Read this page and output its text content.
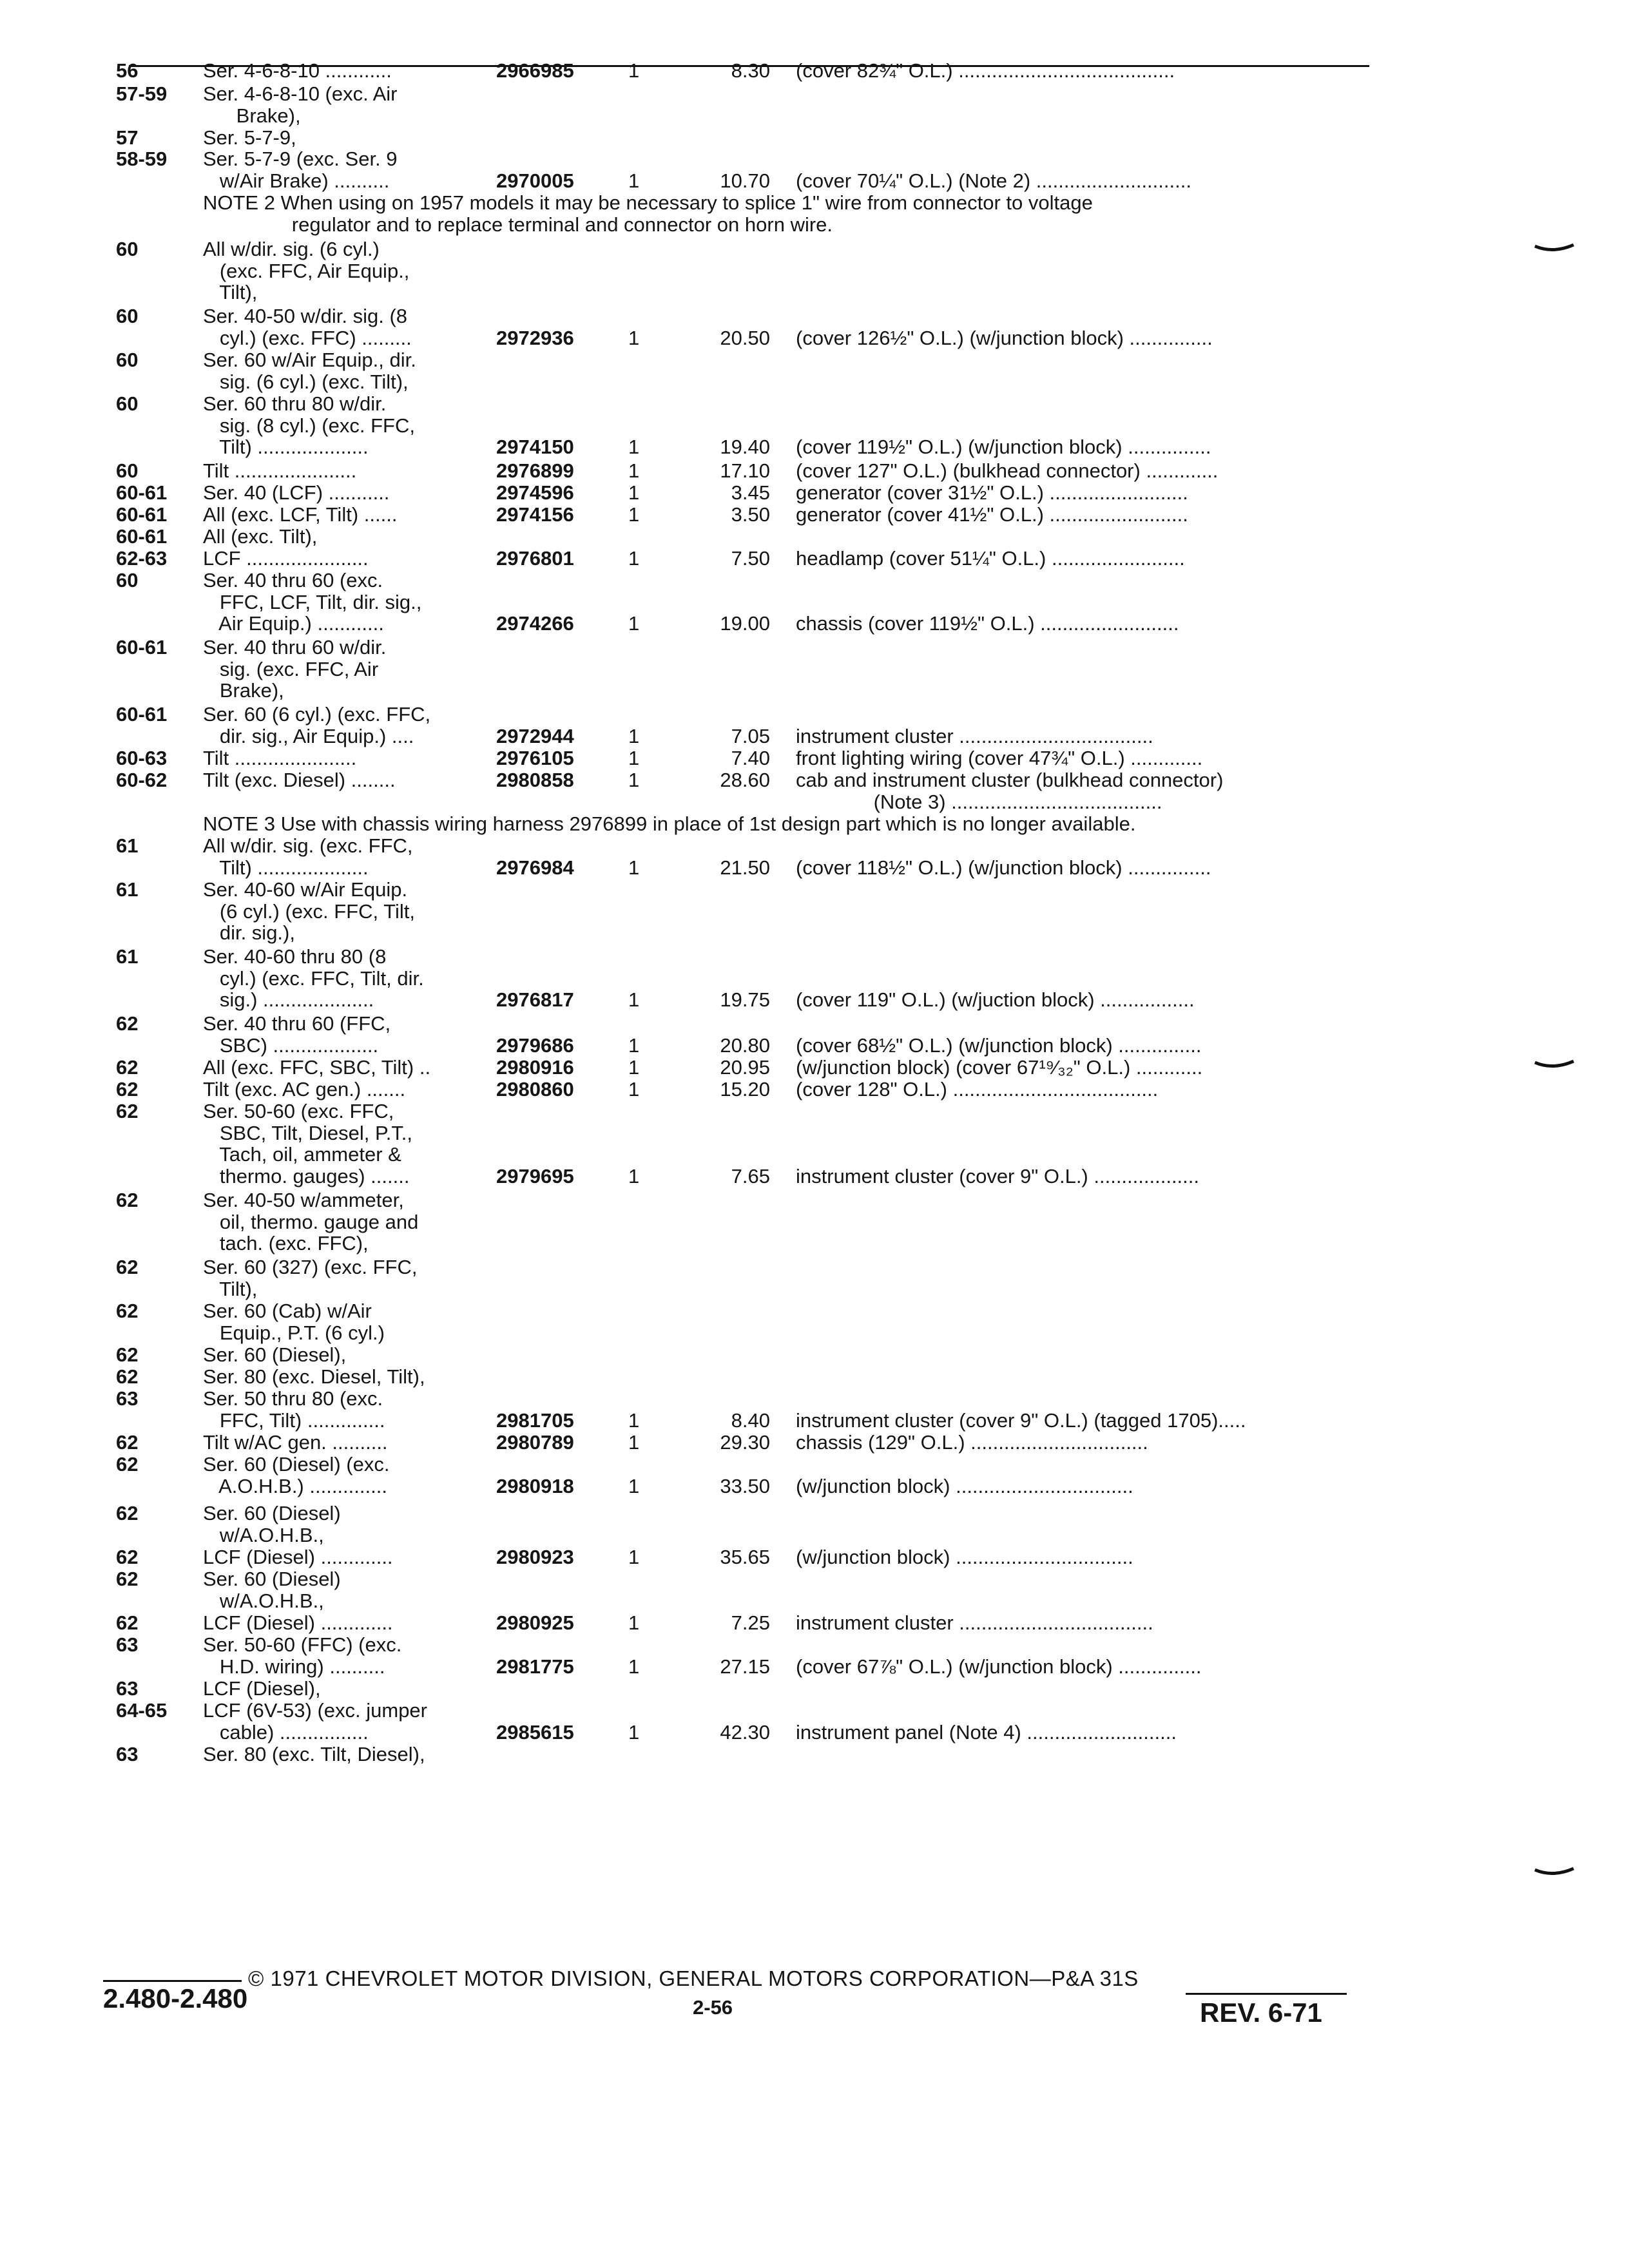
56	Ser. 4-6-8-10 ............	2966985	1	8.30 (cover 82¾" O.L.) .......................................
57-59 Ser. 4-6-8-10 (exc. Air
Brake),
57	Ser. 5-7-9,
58-59 Ser. 5-7-9 (exc. Ser. 9
w/Air Brake) ..........	2970005	1	10.70 (cover 70¼" O.L.) (Note 2) ............................
NOTE 2 When using on 1957 models it may be necessary to splice 1" wire from connector to voltage
regulator and to replace terminal and connector on horn wire.
60	All w/dir. sig. (6 cyl.)
(exc. FFC, Air Equip.,
Tilt),
60	Ser. 40-50 w/dir. sig. (8
cyl.) (exc. FFC) .........	2972936	1	20.50 (cover 126½" O.L.) (w/junction block) ...............
60	Ser. 60 w/Air Equip., dir.
sig. (6 cyl.) (exc. Tilt),
60	Ser. 60 thru 80 w/dir.
sig. (8 cyl.) (exc. FFC,
Tilt) ....................	2974150	1	19.40 (cover 119½" O.L.) (w/junction block) ...............
60	Tilt ......................	2976899	1	17.10 (cover 127" O.L.) (bulkhead connector) .............
60-61 Ser. 40 (LCF) ...........	2974596	1	3.45 generator (cover 31½" O.L.) .........................
60-61 All (exc. LCF, Tilt) ......	2974156	1	3.50 generator (cover 41½" O.L.) .........................
60-61 All (exc. Tilt),
62-63 LCF ......................	2976801	1	7.50 headlamp (cover 51¼" O.L.) ........................
60	Ser. 40 thru 60 (exc.
FFC, LCF, Tilt, dir. sig.,
Air Equip.) ............	2974266	1	19.00 chassis (cover 119½" O.L.) .........................
60-61 Ser. 40 thru 60 w/dir.
sig. (exc. FFC, Air
Brake),
60-61 Ser. 60 (6 cyl.) (exc. FFC,
dir. sig., Air Equip.) ....	2972944	1	7.05 instrument cluster ...................................
60-63 Tilt ......................	2976105	1	7.40 front lighting wiring (cover 47¾" O.L.) .............
60-62 Tilt (exc. Diesel) ........	2980858	1	28.60 cab and instrument cluster (bulkhead connector)
(Note 3) ......................................
NOTE 3 Use with chassis wiring harness 2976899 in place of 1st design part which is no longer available.
61	All w/dir. sig. (exc. FFC,
Tilt) ....................	2976984	1	21.50 (cover 118½" O.L.) (w/junction block) ...............
61	Ser. 40-60 w/Air Equip.
(6 cyl.) (exc. FFC, Tilt,
dir. sig.),
61	Ser. 40-60 thru 80 (8
cyl.) (exc. FFC, Tilt, dir.
sig.) ....................	2976817	1	19.75 (cover 119" O.L.) (w/juction block) .................
62	Ser. 40 thru 60 (FFC,
SBC) ...................	2979686	1	20.80 (cover 68½" O.L.) (w/junction block) ...............
62	All (exc. FFC, SBC, Tilt) ..	2980916	1	20.95 (w/junction block) (cover 67¹⁹⁄₃₂" O.L.) ............
62	Tilt (exc. AC gen.) .......	2980860	1	15.20 (cover 128" O.L.) .....................................
62	Ser. 50-60 (exc. FFC,
SBC, Tilt, Diesel, P.T.,
Tach, oil, ammeter &
thermo. gauges) .......	2979695	1	7.65 instrument cluster (cover 9" O.L.) ...................
62	Ser. 40-50 w/ammeter,
oil, thermo. gauge and
tach. (exc. FFC),
62	Ser. 60 (327) (exc. FFC,
Tilt),
62	Ser. 60 (Cab) w/Air
Equip., P.T. (6 cyl.)
62	Ser. 60 (Diesel),
62	Ser. 80 (exc. Diesel, Tilt),
63	Ser. 50 thru 80 (exc.
FFC, Tilt) ..............	2981705	1	8.40 instrument cluster (cover 9" O.L.) (tagged 1705).....
62	Tilt w/AC gen. ..........	2980789	1	29.30 chassis (129" O.L.) ................................
62	Ser. 60 (Diesel) (exc.
A.O.H.B.) ..............	2980918	1	33.50 (w/junction block) ................................
62	Ser. 60 (Diesel)
w/A.O.H.B.,
62	LCF (Diesel) .............	2980923	1	35.65 (w/junction block) ................................
62	Ser. 60 (Diesel)
w/A.O.H.B.,
62	LCF (Diesel) .............	2980925	1	7.25 instrument cluster ...................................
63	Ser. 50-60 (FFC) (exc.
H.D. wiring) ..........	2981775	1	27.15 (cover 67⅞" O.L.) (w/junction block) ...............
63	LCF (Diesel),
64-65 LCF (6V-53) (exc. jumper
cable) ................	2985615	1	42.30 instrument panel (Note 4) ...........................
63	Ser. 80 (exc. Tilt, Diesel),
© 1971 CHEVROLET MOTOR DIVISION, GENERAL MOTORS CORPORATION—P&A 31S
2.480-2.480	2-56	REV. 6-71
